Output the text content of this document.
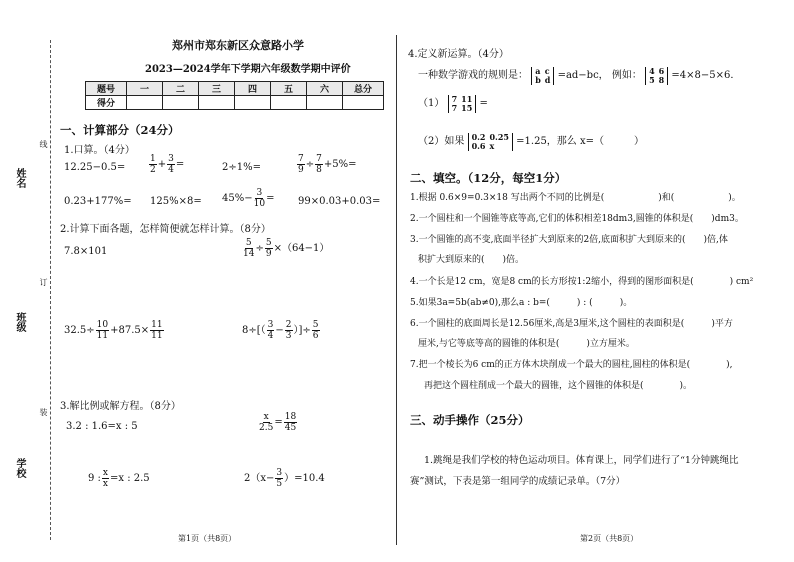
姓名
班级
学校
线
订
装
郑州市郑东新区众意路小学
2023—2024学年下学期六年级数学期中评价
题号	一	二	三	四	五	六	总分
得分							
一、计算部分（24分）
1.口算。（4分）
12.25−0.5=	$\frac{1}{2} + \frac{3}{4}$ =	2÷1%=	$\frac{7}{9} \div \frac{7}{8} +5\%=$
$0.23+177\%= 125\%\times 8= 45\%- \frac{3}{10} = 99\times 0.03+0.03=$
2.计算下面各题，怎样简便就怎样计算。（8分）
7.8×101	$\frac{5}{14} \div \frac{5}{9} \times(64-1)$
$32.5\div \frac{10}{11} +87.5\times \frac{11}{11}$	$8\div[( \frac{3}{4} - \frac{2}{3}$ ）]÷ $\frac{5}{6}$
3.解比例或解方程。（8分）
3.2 : 1.6=x : 5	$\frac{x}{2.5} = \frac{18}{45}$
9 : $\frac{x}{x} =x$ : 2.5	$2(x- \frac{3}{5} )=10.4$
第1页（共8页）
4.定义新运算。（4分）
一种数学游戏的规则是： a c
b d =ad−bc， 例如： 4 6
5 8 =4×8−5×6．
（1） 7 11
7 15 =
（2）如果 0.2 0.25
0.6 x	=1.25，那么 x=（　　　）
二、填空。（12分，每空1分）
1.根据 0.6×9=0.3×18 写出两个不同的比例是(　　　　　　)和(　　　　　　)。
2.一个圆柱和一个圆锥等底等高,它们的体积相差18dm3,圆锥的体积是(　　)dm3。
3.一个圆锥的高不变,底面半径扩大到原来的2倍,底面积扩大到原来的(　　)倍,体
积扩大到原来的(　　)倍。
4.一个长是12 cm，宽是8 cm的长方形按1:2缩小，得到的图形面积是(　　　　) cm²
5.如果3a=5b(ab≠0),那么a : b=(　　　) : (　　　)。
6.一个圆柱的底面周长是12.56厘米,高是3厘米,这个圆柱的表面积是(　　　)平方
厘米,与它等底等高的圆锥的体积是(　　　)立方厘米。
7.把一个棱长为6 cm的正方体木块削成一个最大的圆柱,圆柱的体积是(　　　　),
再把这个圆柱削成一个最大的圆锥，这个圆锥的体积是(　　　　)。
三、动手操作（25分）
1.跳绳是我们学校的特色运动项目。体育课上，同学们进行了“1分钟跳绳比
赛”测试，下表是第一组同学的成绩记录单。（7分）
第2页（共8页）
